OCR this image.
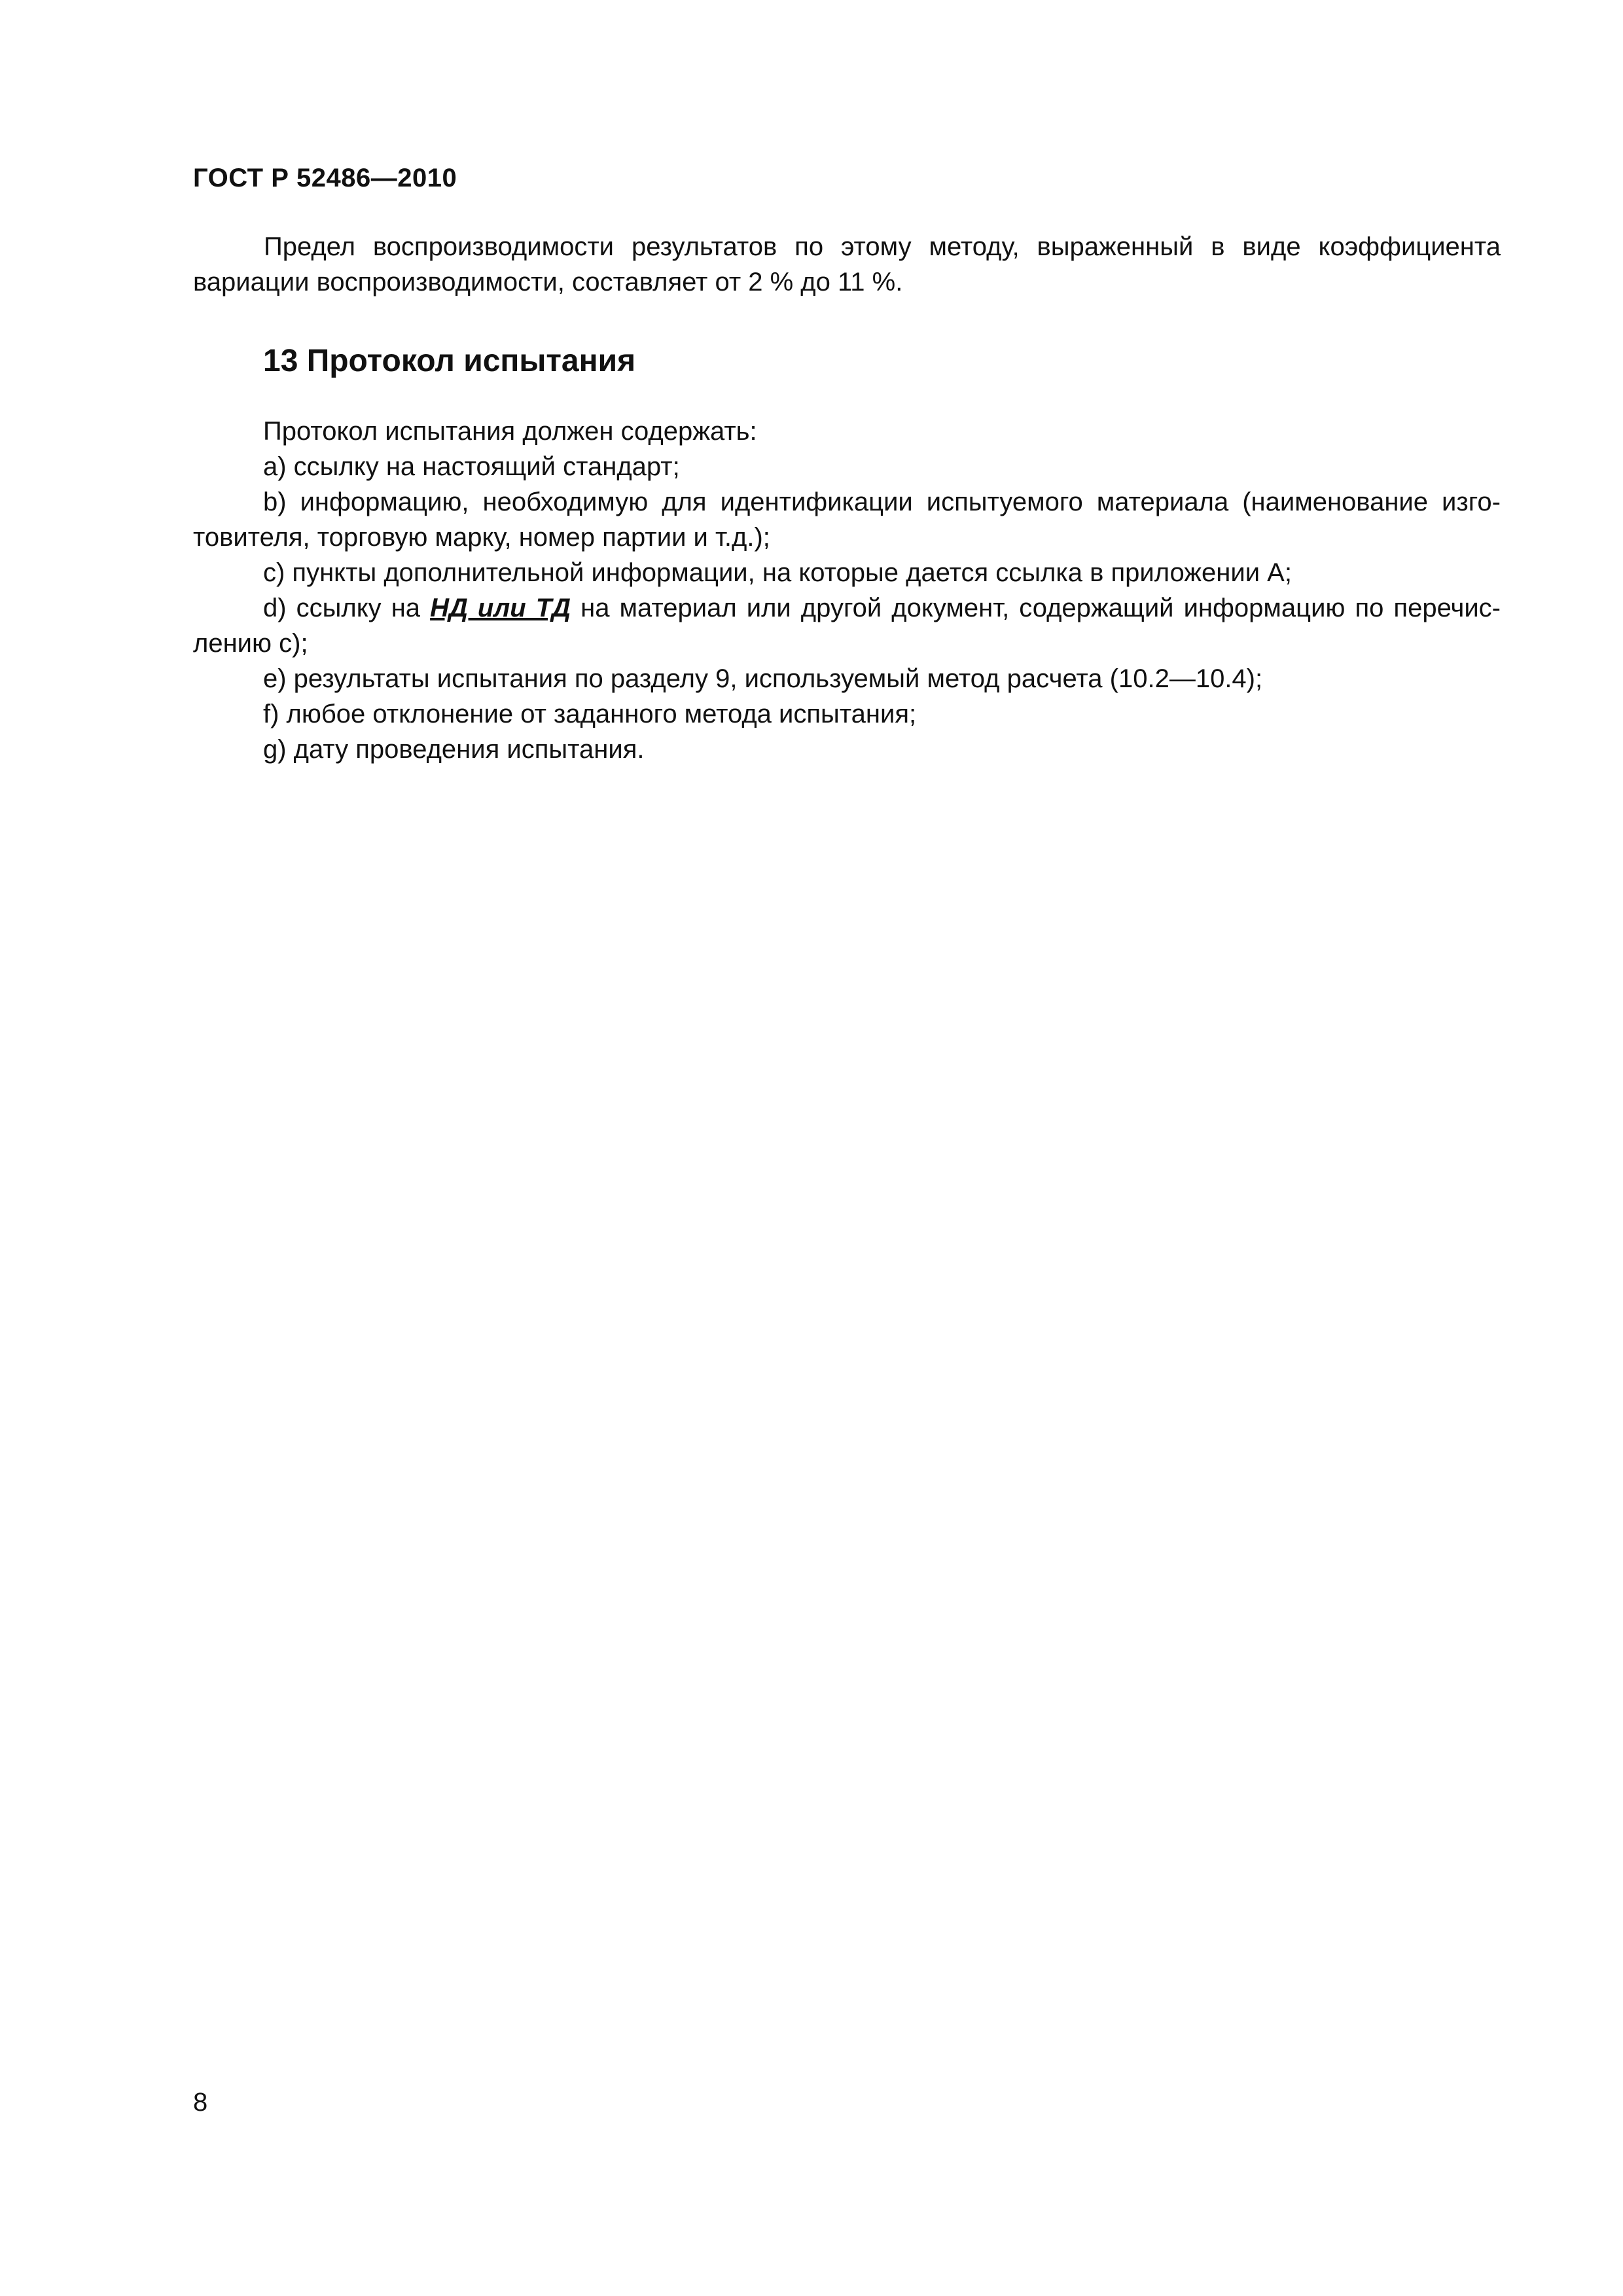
ГОСТ Р 52486—2010
Предел воспроизводимости результатов по этому методу, выраженный в виде коэффициента вариации воспроизводимости, составляет от 2 % до 11 %.
13 Протокол испытания
Протокол испытания должен содержать:
a) ссылку на настоящий стандарт;
b) информацию, необходимую для идентификации испытуемого материала (наименование изго-
товителя, торговую марку, номер партии и т.д.);
c) пункты дополнительной информации, на которые дается ссылка в приложении А;
d) ссылку на НД или ТД на материал или другой документ, содержащий информацию по перечис-
лению c);
e) результаты испытания по разделу 9, используемый метод расчета (10.2—10.4);
f) любое отклонение от заданного метода испытания;
g) дату проведения испытания.
8
